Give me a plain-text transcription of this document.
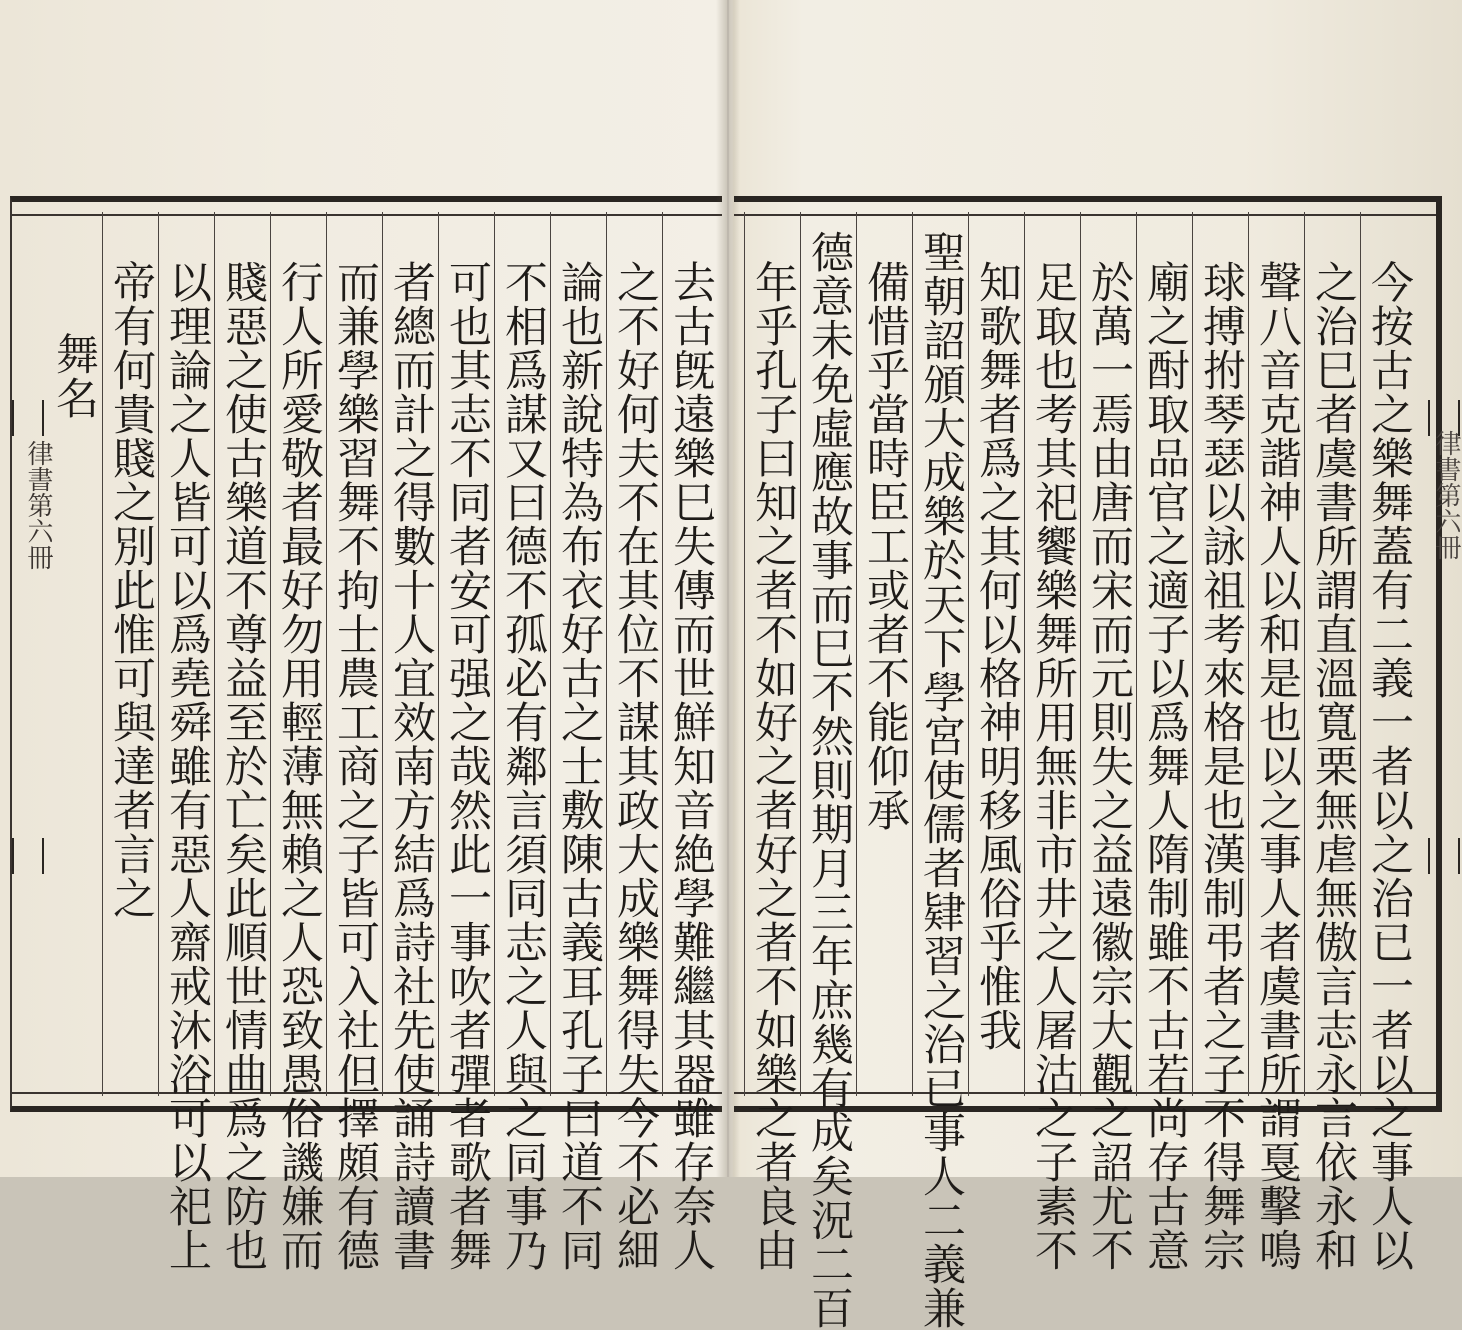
舞名 帝有何貴賤之別此惟可與達者言之 以理論之人皆可以爲堯舜雖有惡人齋戒沐浴可以祀上 賤惡之使古樂道不尊益至於亡矣此順世情曲爲之防也 行人所愛敬者最好勿用輕薄無賴之人恐致愚俗譏嫌而 而兼學樂習舞不拘士農工商之子皆可入社但擇頗有德 者總而計之得數十人宜效南方結爲詩社先使誦詩讀書 可也其志不同者安可强之哉然此一事吹者彈者歌者舞 不相爲謀又曰德不孤必有鄰言須同志之人與之同事乃 論也新說特為布衣好古之士敷陳古義耳孔子曰道不同 之不好何夫不在其位不謀其政大成樂舞得失今不必細 去古旣遠樂巳失傳而世鮮知音絶學難繼其器雖存奈人
律書第六冊	年乎孔子曰知之者不如好之者好之者不如樂之者良由 德意未免虛應故事而巳不然則期月三年庶幾有成矣況二百 備惜乎當時臣工或者不能仰承 聖朝詔頒大成樂於天下學宮使儒者肄習之治已事人二義兼 知歌舞者爲之其何以格神明移風俗乎惟我 足取也考其祀饗樂舞所用無非市井之人屠沽之子素不 於萬一焉由唐而宋而元則失之益遠徽宗大觀之詔尤不 廟之酎取品官之適子以爲舞人隋制雖不古若尚存古意 球搏拊琴瑟以詠祖考來格是也漢制弔者之子不得舞宗 聲八音克諧神人以和是也以之事人者虞書所謂戛擊鳴 之治巳者虞書所謂直溫寬栗無虐無傲言志永言依永和 今按古之樂舞蓋有二義一者以之治已一者以之事人以 律書第六冊
